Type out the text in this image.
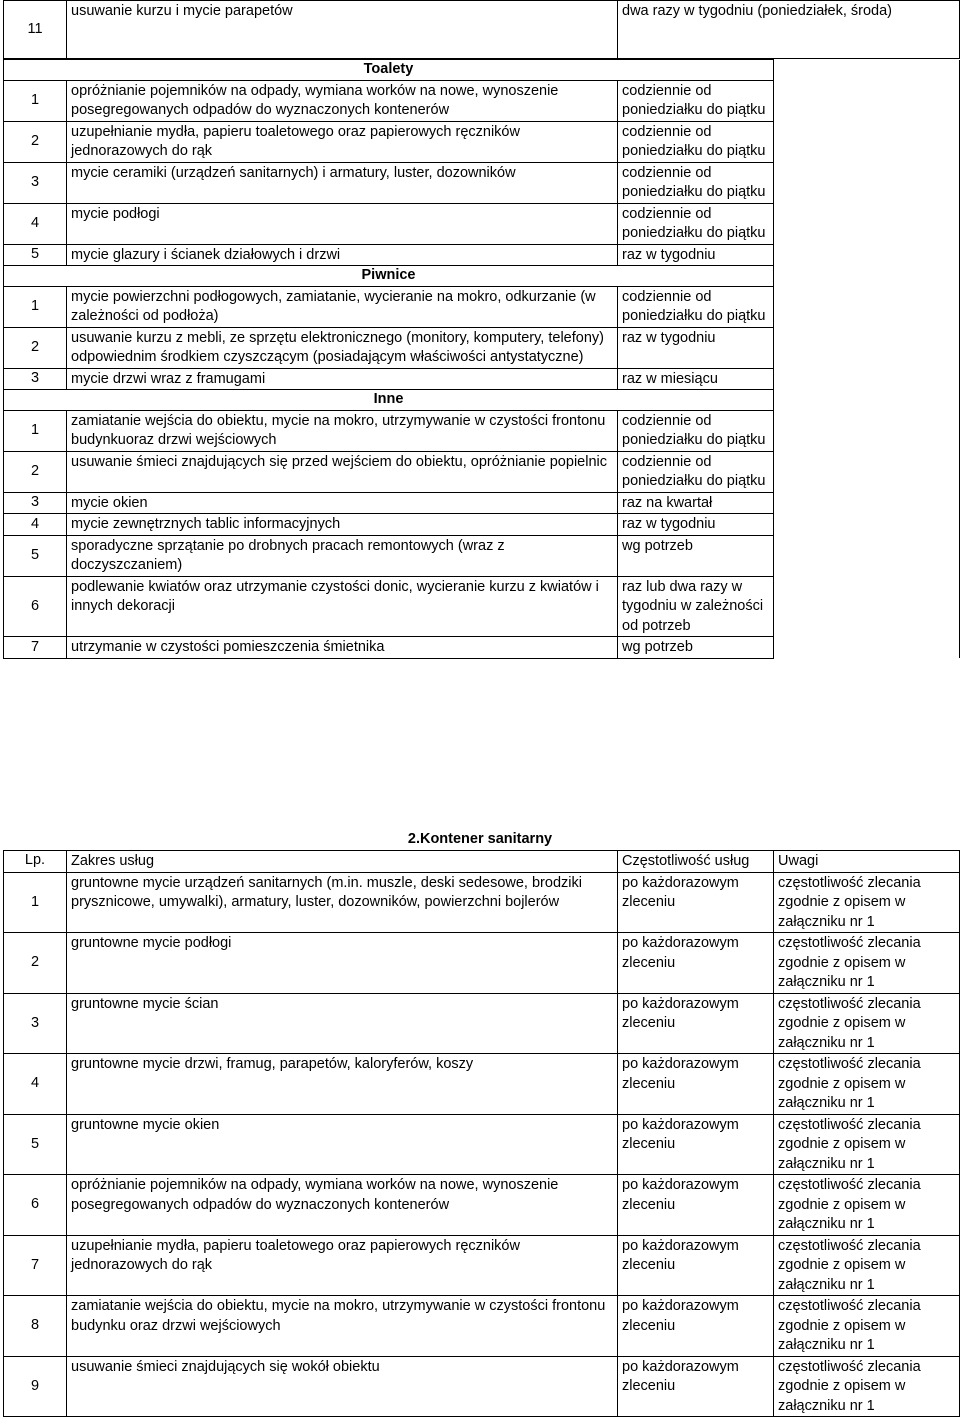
11	usuwanie kurzu i mycie parapetów	dwa razy w tygodniu (poniedziałek, środa)	

Toalety			
1	opróżnianie pojemników na odpady, wymiana worków na nowe, wynoszenie posegregowanych odpadów do wyznaczonych kontenerów	codziennie od poniedziałku do piątku	
2	uzupełnianie mydła, papieru toaletowego oraz papierowych ręczników jednorazowych do rąk	codziennie od poniedziałku do piątku	
3	mycie ceramiki (urządzeń sanitarnych) i armatury, luster, dozowników	codziennie od poniedziałku do piątku	
4	mycie podłogi	codziennie od poniedziałku do piątku	
5	mycie glazury i ścianek działowych i drzwi	raz w tygodniu	
Piwnice			
1	mycie powierzchni podłogowych, zamiatanie, wycieranie na mokro, odkurzanie (w zależności od podłoża)	codziennie od poniedziałku do piątku	
2	usuwanie kurzu z mebli, ze sprzętu elektronicznego (monitory, komputery, telefony) odpowiednim środkiem czyszczącym (posiadającym właściwości antystatyczne)	raz w tygodniu	
3	mycie drzwi wraz z framugami	raz w miesiącu	
Inne			
1	zamiatanie wejścia do obiektu, mycie na mokro, utrzymywanie w czystości frontonu budynkuoraz drzwi wejściowych	codziennie od poniedziałku do piątku	
2	usuwanie śmieci znajdujących się przed wejściem do obiektu, opróżnianie popielnic	codziennie od poniedziałku do piątku	
3	mycie okien	raz na kwartał	
4	mycie zewnętrznych tablic informacyjnych	raz w tygodniu	
5	sporadyczne sprzątanie po drobnych pracach remontowych (wraz z doczyszczaniem)	wg potrzeb	
6	podlewanie kwiatów oraz utrzymanie czystości donic, wycieranie kurzu z kwiatów i innych dekoracji	raz lub dwa razy w tygodniu w zależności od potrzeb	
7	utrzymanie w czystości pomieszczenia śmietnika	wg potrzeb	
2.Kontener sanitarny
Lp.	Zakres usług	Częstotliwość usług	Uwagi
1	gruntowne mycie urządzeń sanitarnych (m.in. muszle, deski sedesowe, brodziki prysznicowe, umywalki), armatury, luster, dozowników, powierzchni bojlerów	po każdorazowym zleceniu	częstotliwość zlecania zgodnie z opisem w załączniku nr 1
2	gruntowne mycie podłogi	po każdorazowym zleceniu	częstotliwość zlecania zgodnie z opisem w załączniku nr 1
3	gruntowne mycie ścian	po każdorazowym zleceniu	częstotliwość zlecania zgodnie z opisem w załączniku nr 1
4	gruntowne mycie drzwi, framug, parapetów, kaloryferów, koszy	po każdorazowym zleceniu	częstotliwość zlecania zgodnie z opisem w załączniku nr 1
5	gruntowne mycie okien	po każdorazowym zleceniu	częstotliwość zlecania zgodnie z opisem w załączniku nr 1
6	opróżnianie pojemników na odpady, wymiana worków na nowe, wynoszenie posegregowanych odpadów do wyznaczonych kontenerów	po każdorazowym zleceniu	częstotliwość zlecania zgodnie z opisem w załączniku nr 1
7	uzupełnianie mydła, papieru toaletowego oraz papierowych ręczników jednorazowych do rąk	po każdorazowym zleceniu	częstotliwość zlecania zgodnie z opisem w załączniku nr 1
8	zamiatanie wejścia do obiektu, mycie na mokro, utrzymywanie w czystości frontonu budynku oraz drzwi wejściowych	po każdorazowym zleceniu	częstotliwość zlecania zgodnie z opisem w załączniku nr 1
9	usuwanie śmieci znajdujących się wokół obiektu	po każdorazowym zleceniu	częstotliwość zlecania zgodnie z opisem w załączniku nr 1
